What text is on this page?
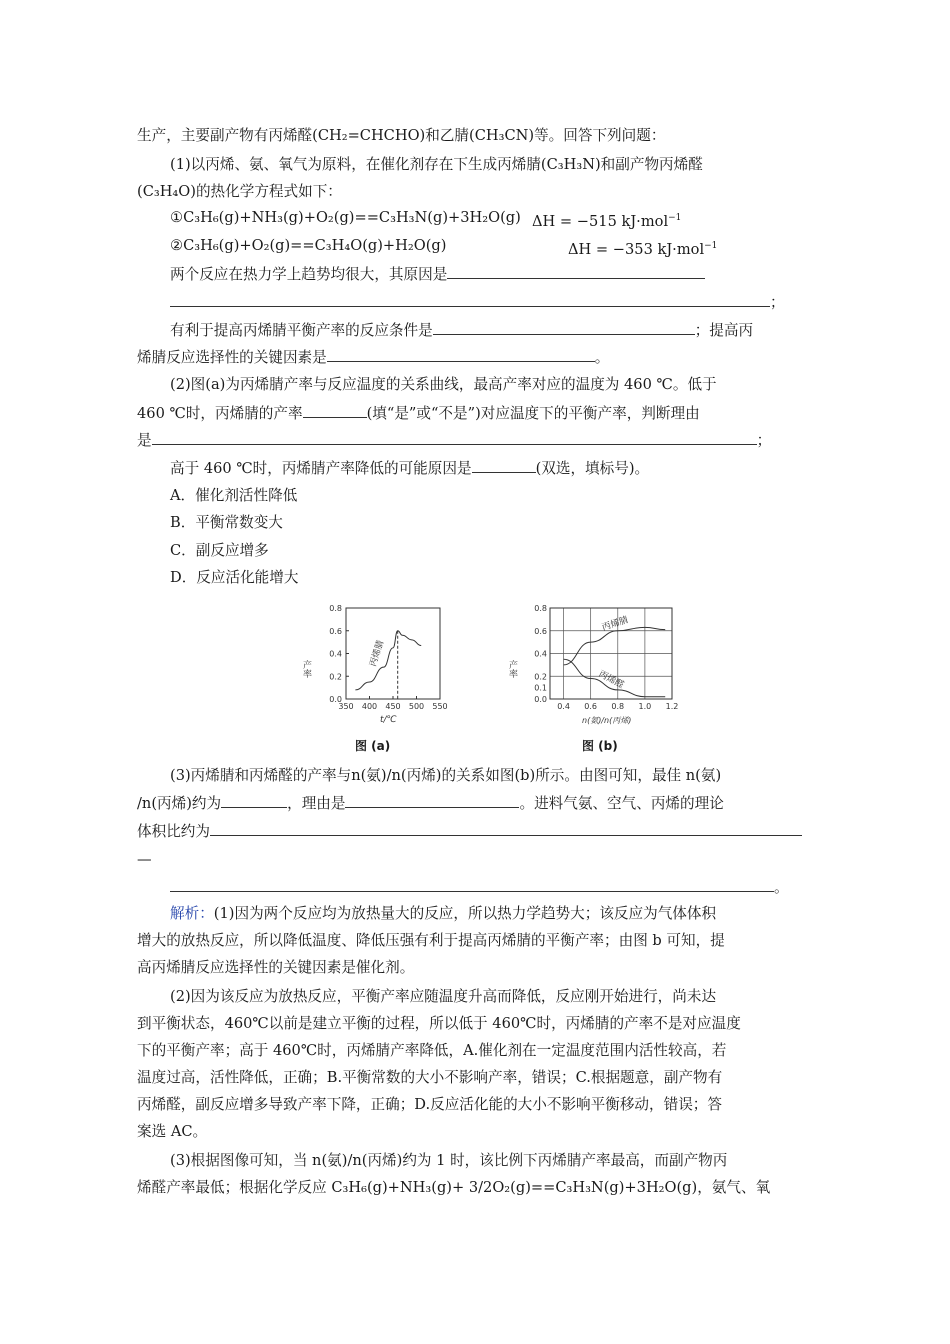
生产，主要副产物有丙烯醛(CH₂=CHCHO)和乙腈(CH₃CN)等。回答下列问题：
(1)以丙烯、氨、氧气为原料，在催化剂存在下生成丙烯腈(C₃H₃N)和副产物丙烯醛
(C₃H₄O)的热化学方程式如下：
①C₃H₆(g)+NH₃(g)+O₂(g)==C₃H₃N(g)+3H₂O(g) ΔH = −515 kJ·mol$^{-1}$
②C₃H₆(g)+O₂(g)==C₃H₄O(g)+H₂O(g)	ΔH = −353 kJ·mol$^{-1}$
两个反应在热力学上趋势均很大，其原因是
；
有利于提高丙烯腈平衡产率的反应条件是	；提高丙
烯腈反应选择性的关键因素是	。
(2)图(a)为丙烯腈产率与反应温度的关系曲线，最高产率对应的温度为 460 ℃。低于
460 ℃时，丙烯腈的产率	(填“是”或“不是”)对应温度下的平衡产率，判断理由
是	；
高于 460 ℃时，丙烯腈产率降低的可能原因是	(双选，填标号)。
A．催化剂活性降低
B．平衡常数变大
C．副反应增多
D．反应活化能增大
0.0
0.2
0.4
0.6
0.8
350 400 450 500 550
产率
丙烯腈
t/℃
图 (a)
0.0
0.1
0.2
0.4
0.6
0.8
0.4 0.6 0.8 1.0 1.2
产率
丙烯腈
丙烯醛
n(氨)/n(丙烯)
图 (b)
(3)丙烯腈和丙烯醛的产率与n(氨)/n(丙烯)的关系如图(b)所示。由图可知，最佳 n(氨)
/n(丙烯)约为	，理由是	。进料气氨、空气、丙烯的理论
体积比约为
—
。
解析：(1)因为两个反应均为放热量大的反应，所以热力学趋势大；该反应为气体体积
增大的放热反应，所以降低温度、降低压强有利于提高丙烯腈的平衡产率；由图 b 可知，提
高丙烯腈反应选择性的关键因素是催化剂。
(2)因为该反应为放热反应，平衡产率应随温度升高而降低，反应刚开始进行，尚未达
到平衡状态，460℃以前是建立平衡的过程，所以低于 460℃时，丙烯腈的产率不是对应温度
下的平衡产率；高于 460℃时，丙烯腈产率降低，A.催化剂在一定温度范围内活性较高，若
温度过高，活性降低，正确；B.平衡常数的大小不影响产率，错误；C.根据题意，副产物有
丙烯醛，副反应增多导致产率下降，正确；D.反应活化能的大小不影响平衡移动，错误；答
案选 AC。
(3)根据图像可知，当 n(氨)/n(丙烯)约为 1 时，该比例下丙烯腈产率最高，而副产物丙
烯醛产率最低；根据化学反应 C₃H₆(g)+NH₃(g)+ 3/2O₂(g)==C₃H₃N(g)+3H₂O(g)，氨气、氧
